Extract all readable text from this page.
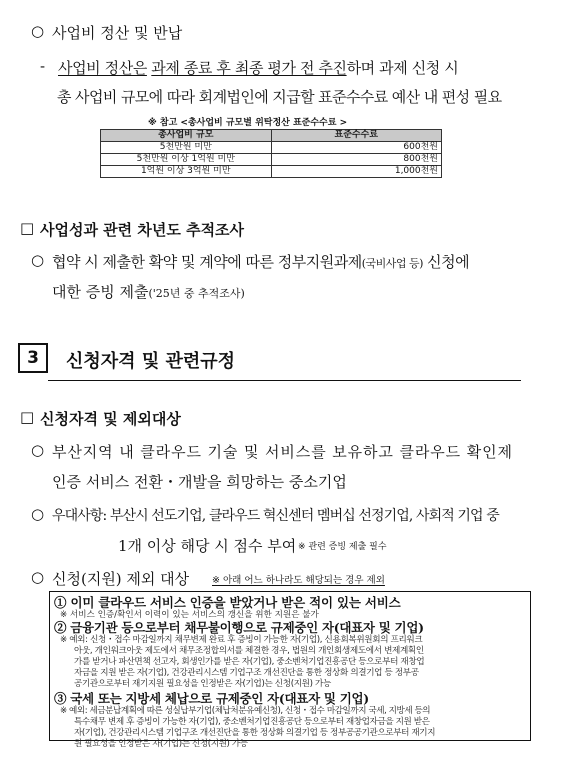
○ 사업비 정산 및 반납
- 사업비 정산은 과제 종료 후 최종 평가 전 추진하며 과제 신청 시
총 사업비 규모에 따라 회계법인에 지급할 표준수수료 예산 내 편성 필요
※ 참고 <총사업비 규모별 위탁정산 표준수수료 >
총사업비 규모	표준수수료
5천만원 미만	600천원
5천만원 이상 1억원 미만	800천원
1억원 이상 3억원 미만	1,000천원
□ 사업성과 관련 차년도 추적조사
○ 협약 시 제출한 확약 및 계약에 따른 정부지원과제(국비사업 등) 신청에
대한 증빙 제출('25년 중 추적조사)
3	신청자격 및 관련규정
□ 신청자격 및 제외대상
○ 부산지역 내 클라우드 기술 및 서비스를 보유하고 클라우드 확인제
인증 서비스 전환・개발을 희망하는 중소기업
○ 우대사항: 부산시 선도기업, 클라우드 혁신센터 멤버십 선정기업, 사회적 기업 중
1개 이상 해당 시 점수 부여 ※ 관련 증빙 제출 필수
○ 신청(지원) 제외 대상 ※ 아래 어느 하나라도 해당되는 경우 제외
① 이미 클라우드 서비스 인증을 받았거나 받은 적이 있는 서비스
※ 서비스 인증/확인서 이력이 있는 서비스의 갱신을 위한 지원은 불가
② 금융기관 등으로부터 채무불이행으로 규제중인 자(대표자 및 기업)
※ 예외: 신청・접수 마감일까지 채무변제 완료 후 증빙이 가능한 자(기업), 신용회복위원회의 프리워크
아웃, 개인워크아웃 제도에서 채무조정합의서를 체결한 경우, 법원의 개인회생제도에서 변제계획인
가를 받거나 파산면책 선고자, 회생인가를 받은 자(기업), 중소벤처기업진흥공단 등으로부터 재창업
자금을 지원 받은 자(기업), 건강관리시스템 기업구조 개선진단을 통한 정상화 의결기업 등 정부공
공기관으로부터 재기지원 필요성을 인정받은 자(기업)는 신청(지원) 가능
③ 국세 또는 지방세 체납으로 규제중인 자(대표자 및 기업)
※ 예외: 세금분납계획에 따른 성실납부기업(체납처분유예신청), 신청・접수 마감일까지 국세, 지방세 등의
특수채무 변제 후 증빙이 가능한 자(기업), 중소벤처기업진흥공단 등으로부터 재창업자금을 지원 받은
자(기업), 건강관리시스템 기업구조 개선진단을 통한 정상화 의결기업 등 정부공공기관으로부터 재기지
원 필요성을 인정받은 자(기업)는 신청(지원) 가능
